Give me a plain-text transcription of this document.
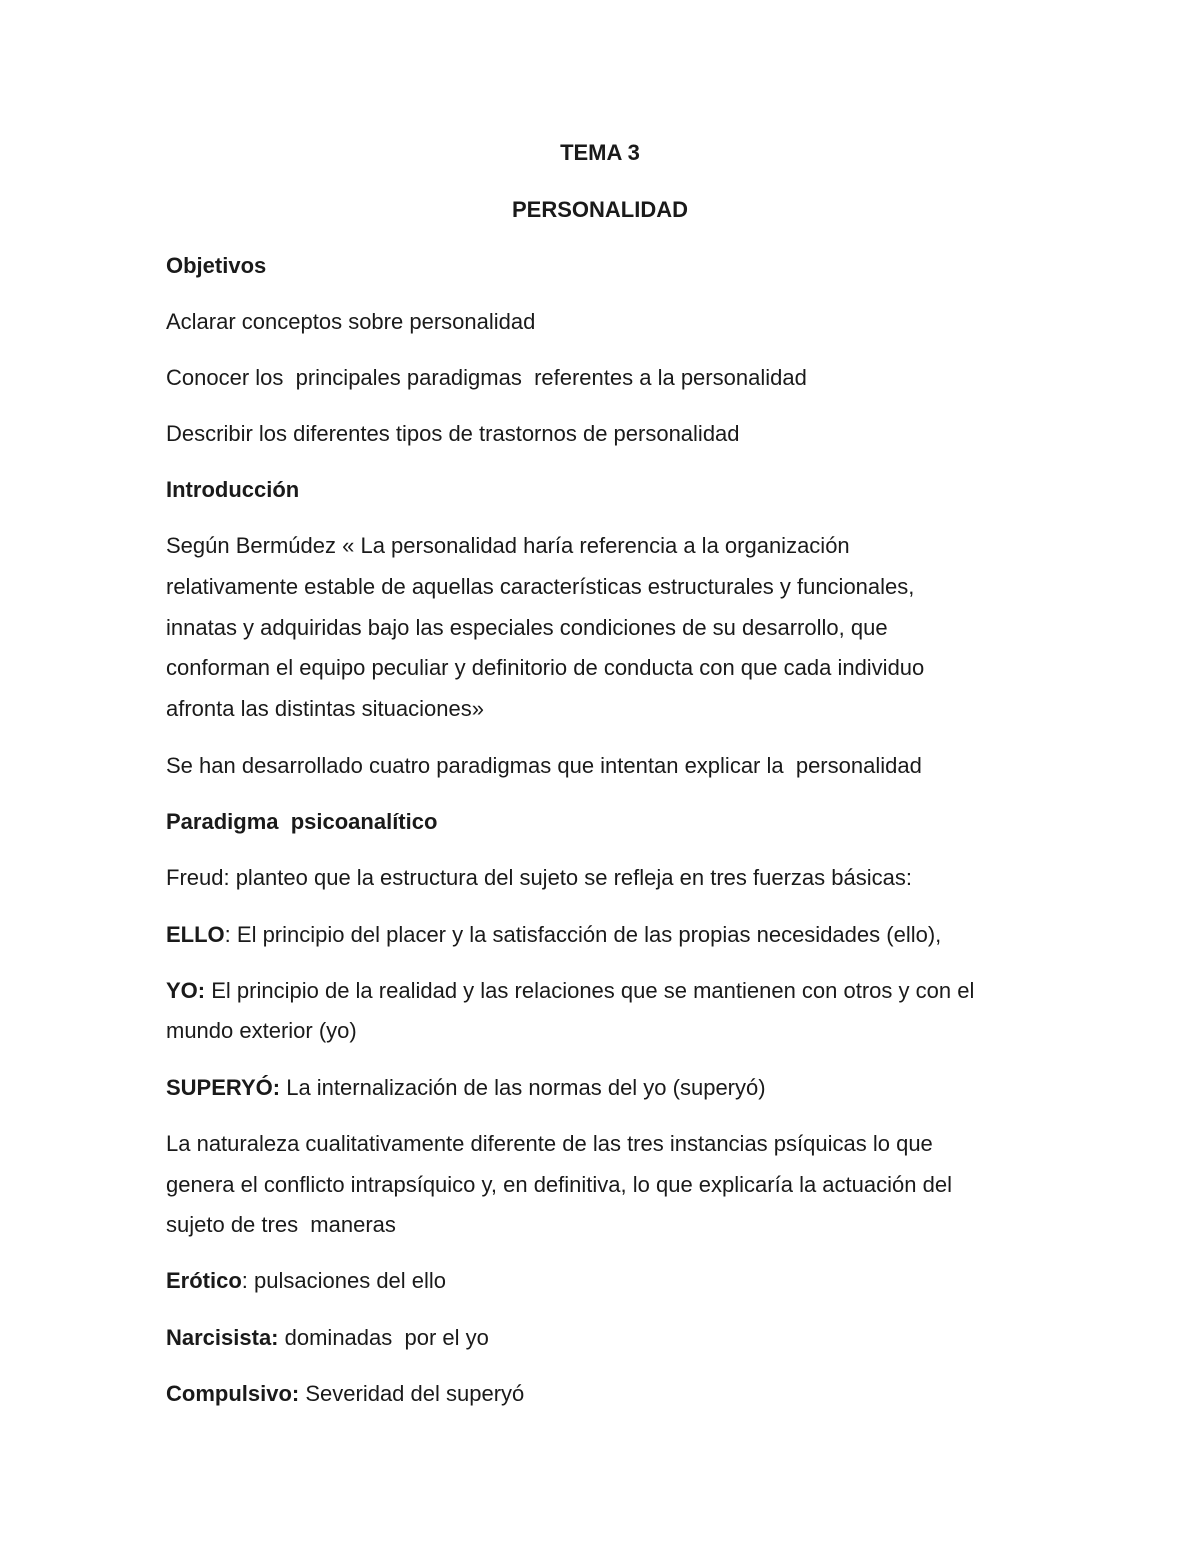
TEMA 3

PERSONALIDAD

Objetivos

Aclarar conceptos sobre personalidad

Conocer los  principales paradigmas  referentes a la personalidad

Describir los diferentes tipos de trastornos de personalidad

Introducción

Según Bermúdez « La personalidad haría referencia a la organización

relativamente estable de aquellas características estructurales y funcionales,

innatas y adquiridas bajo las especiales condiciones de su desarrollo, que

conforman el equipo peculiar y definitorio de conducta con que cada individuo

afronta las distintas situaciones»

Se han desarrollado cuatro paradigmas que intentan explicar la  personalidad

Paradigma  psicoanalítico

Freud: planteo que la estructura del sujeto se refleja en tres fuerzas básicas:

ELLO: El principio del placer y la satisfacción de las propias necesidades (ello),

YO: El principio de la realidad y las relaciones que se mantienen con otros y con el

mundo exterior (yo)

SUPERYÓ: La internalización de las normas del yo (superyó)

La naturaleza cualitativamente diferente de las tres instancias psíquicas lo que

genera el conflicto intrapsíquico y, en definitiva, lo que explicaría la actuación del

sujeto de tres  maneras

Erótico: pulsaciones del ello

Narcisista: dominadas  por el yo

Compulsivo: Severidad del superyó
